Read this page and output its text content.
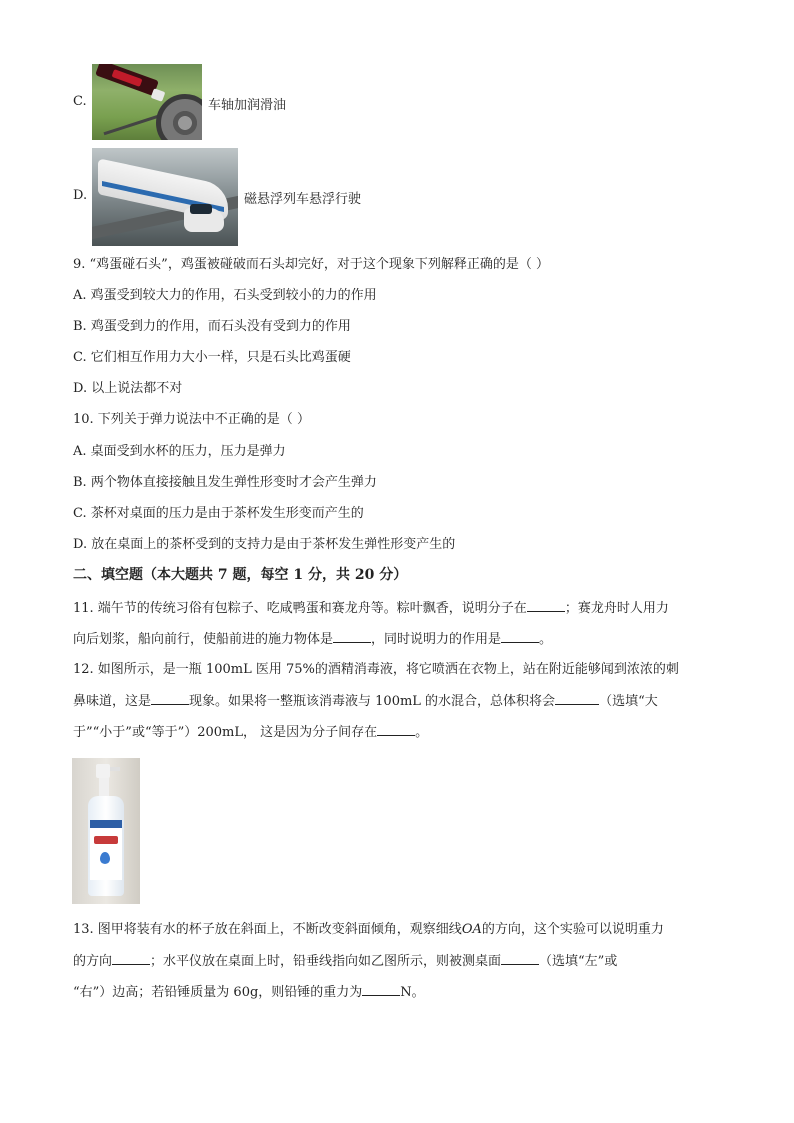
C.	车轴加润滑油
D.	磁悬浮列车悬浮行驶
9. “鸡蛋碰石头”，鸡蛋被碰破而石头却完好，对于这个现象下列解释正确的是（ ）
A. 鸡蛋受到较大力的作用，石头受到较小的力的作用
B. 鸡蛋受到力的作用，而石头没有受到力的作用
C. 它们相互作用力大小一样，只是石头比鸡蛋硬
D. 以上说法都不对
10. 下列关于弹力说法中不正确的是（ ）
A. 桌面受到水杯的压力，压力是弹力
B. 两个物体直接接触且发生弹性形变时才会产生弹力
C. 茶杯对桌面的压力是由于茶杯发生形变而产生的
D. 放在桌面上的茶杯受到的支持力是由于茶杯发生弹性形变产生的
二、填空题（本大题共 7 题，每空 1 分，共 20 分）
11. 端午节的传统习俗有包粽子、吃咸鸭蛋和赛龙舟等。粽叶飘香，说明分子在	；赛龙舟时人用力
向后划浆，船向前行，使船前进的施力物体是	，同时说明力的作用是	。
12. 如图所示，是一瓶 100mL 医用 75%的酒精消毒液，将它喷洒在衣物上，站在附近能够闻到浓浓的刺
鼻味道，这是	现象。如果将一整瓶该消毒液与 100mL 的水混合，总体积将会	（选填“大
于”“小于”或“等于”）200mL， 这是因为分子间存在	。
13. 图甲将装有水的杯子放在斜面上，不断改变斜面倾角，观察细线OA的方向，这个实验可以说明重力
的方向	；水平仪放在桌面上时，铅垂线指向如乙图所示，则被测桌面	（选填“左”或
“右”）边高；若铅锤质量为 60g，则铅锤的重力为	N。
